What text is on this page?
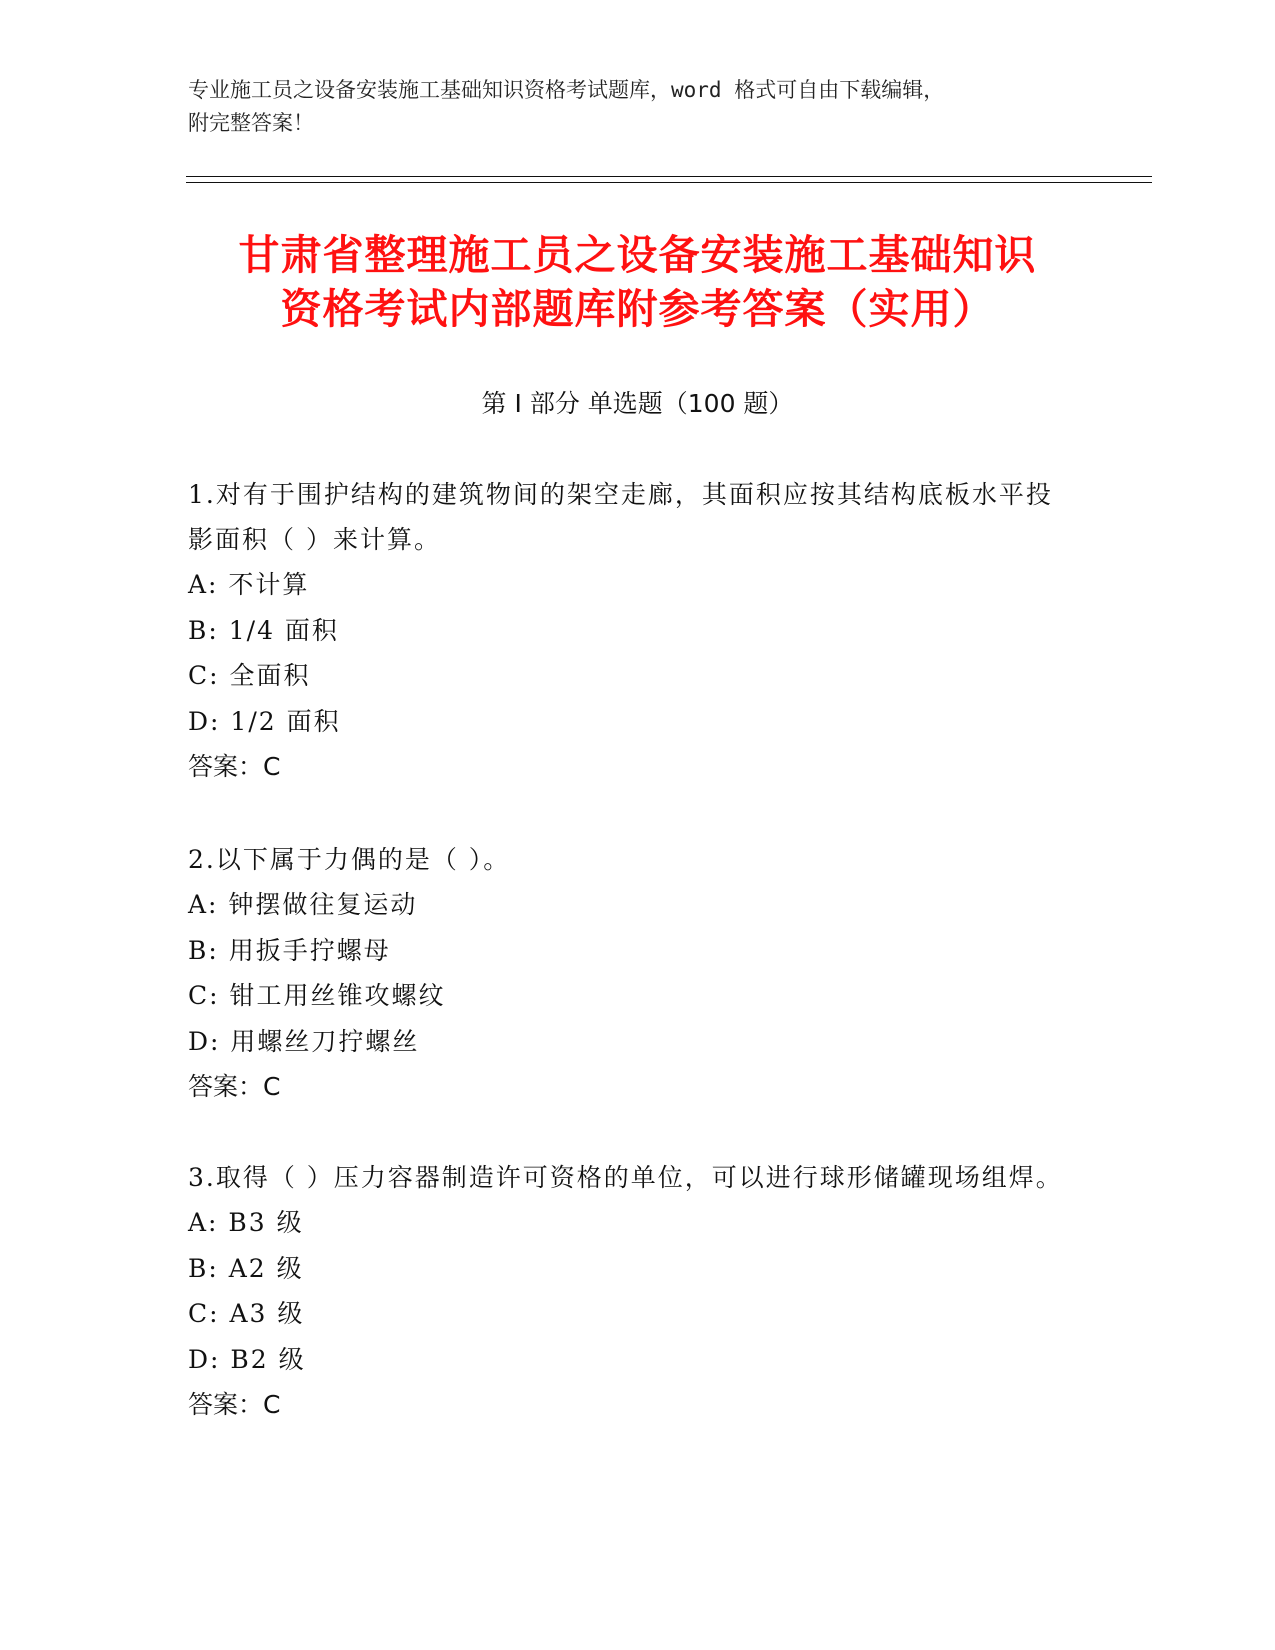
专业施工员之设备安装施工基础知识资格考试题库，word 格式可自由下载编辑，
附完整答案！
甘肃省整理施工员之设备安装施工基础知识
资格考试内部题库附参考答案（实用）
第 I 部分 单选题（100 题）
1.对有于围护结构的建筑物间的架空走廊，其面积应按其结构底板水平投影面积（ ）来计算。
A: 不计算
B: 1/4 面积
C: 全面积
D: 1/2 面积
答案：C
2.以下属于力偶的是（ ）。
A: 钟摆做往复运动
B: 用扳手拧螺母
C: 钳工用丝锥攻螺纹
D: 用螺丝刀拧螺丝
答案：C
3.取得（ ）压力容器制造许可资格的单位，可以进行球形储罐现场组焊。
A: B3 级
B: A2 级
C: A3 级
D: B2 级
答案：C
